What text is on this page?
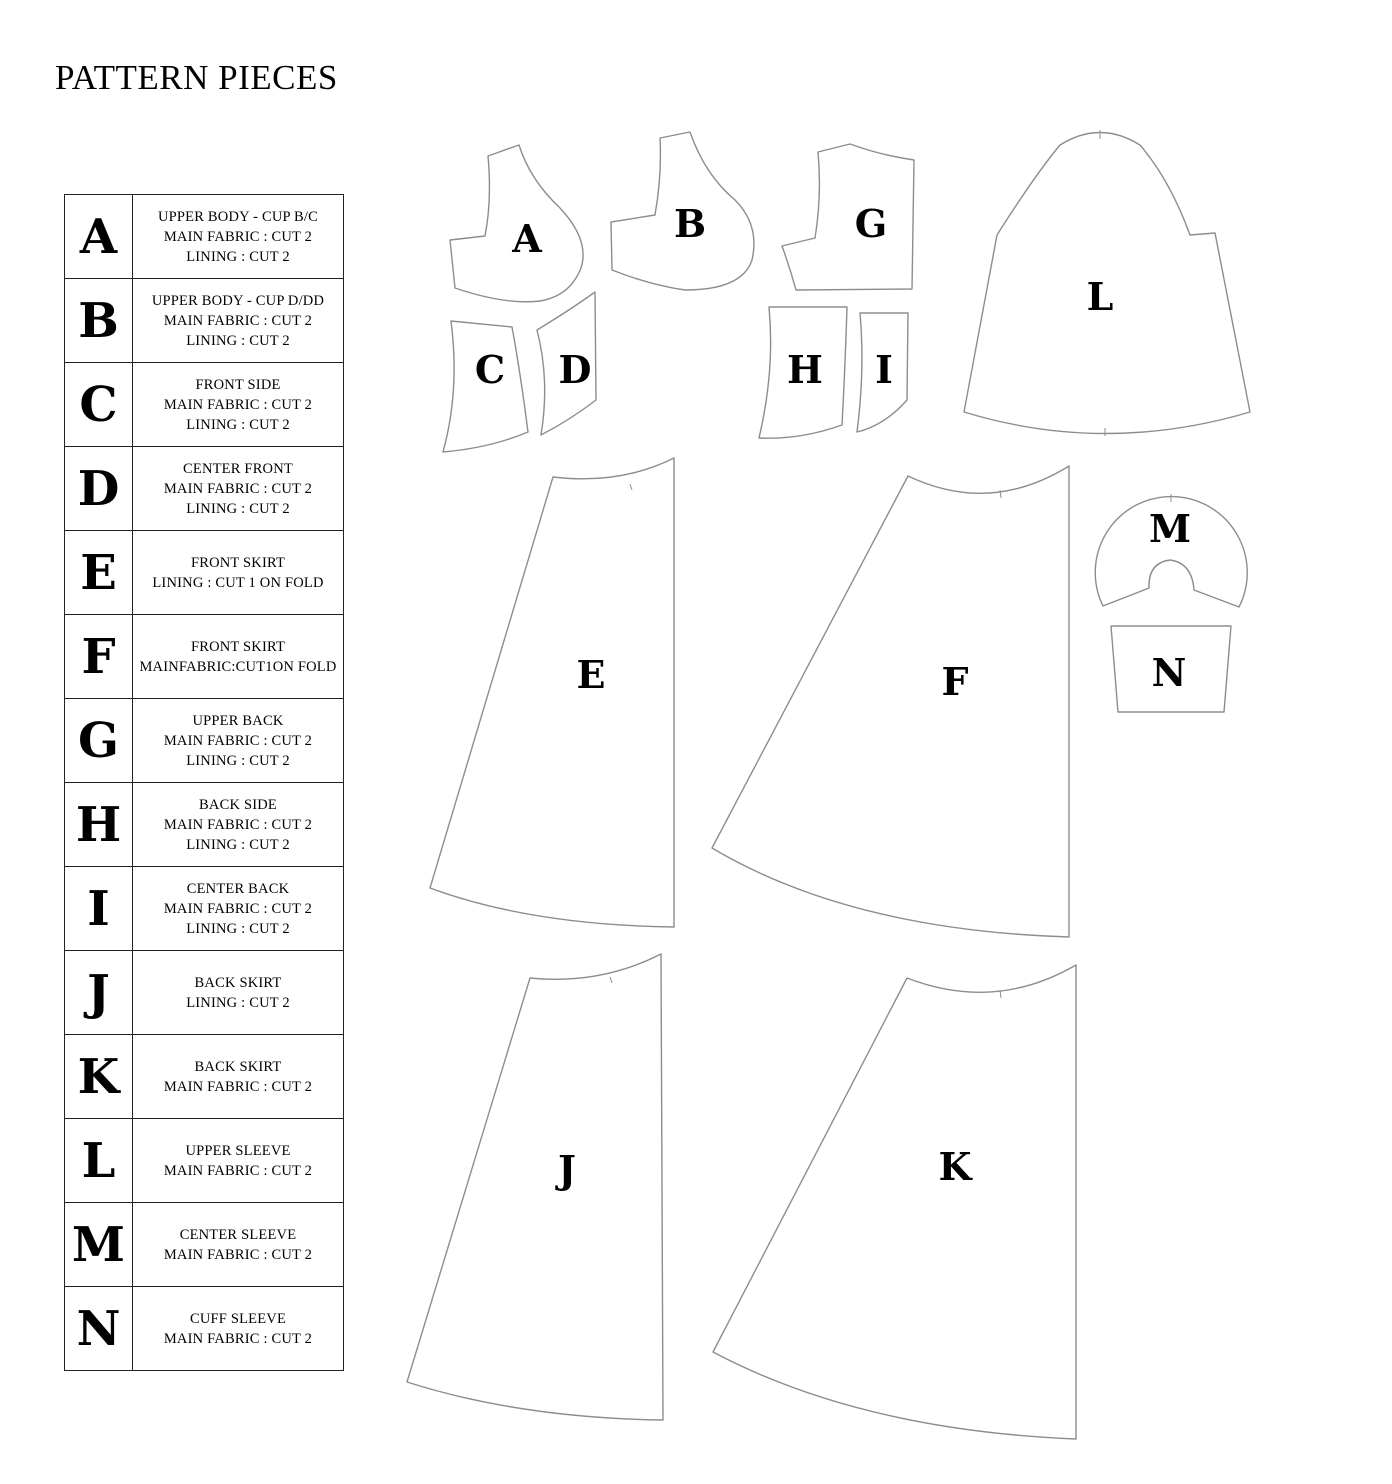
PATTERN PIECES
A	UPPER BODY - CUP B/C
MAIN FABRIC : CUT 2
LINING : CUT 2

B	UPPER BODY - CUP D/DD
MAIN FABRIC : CUT 2
LINING : CUT 2

C	FRONT SIDE
MAIN FABRIC : CUT 2
LINING : CUT 2

D	CENTER FRONT
MAIN FABRIC : CUT 2
LINING : CUT 2

E	FRONT SKIRT
LINING : CUT 1 ON FOLD

F	FRONT SKIRT
MAINFABRIC:CUT1ON FOLD

G	UPPER BACK
MAIN FABRIC : CUT 2
LINING : CUT 2

H	BACK SIDE
MAIN FABRIC : CUT 2
LINING : CUT 2

I	CENTER BACK
MAIN FABRIC : CUT 2
LINING : CUT 2

J	BACK SKIRT
LINING : CUT 2

K	BACK SKIRT
MAIN FABRIC : CUT 2

L	UPPER SLEEVE
MAIN FABRIC : CUT 2

M	CENTER SLEEVE
MAIN FABRIC : CUT 2

N	CUFF SLEEVE
MAIN FABRIC : CUT 2
A	B
C D
G
H I
L
E	F
M
N
J	K
